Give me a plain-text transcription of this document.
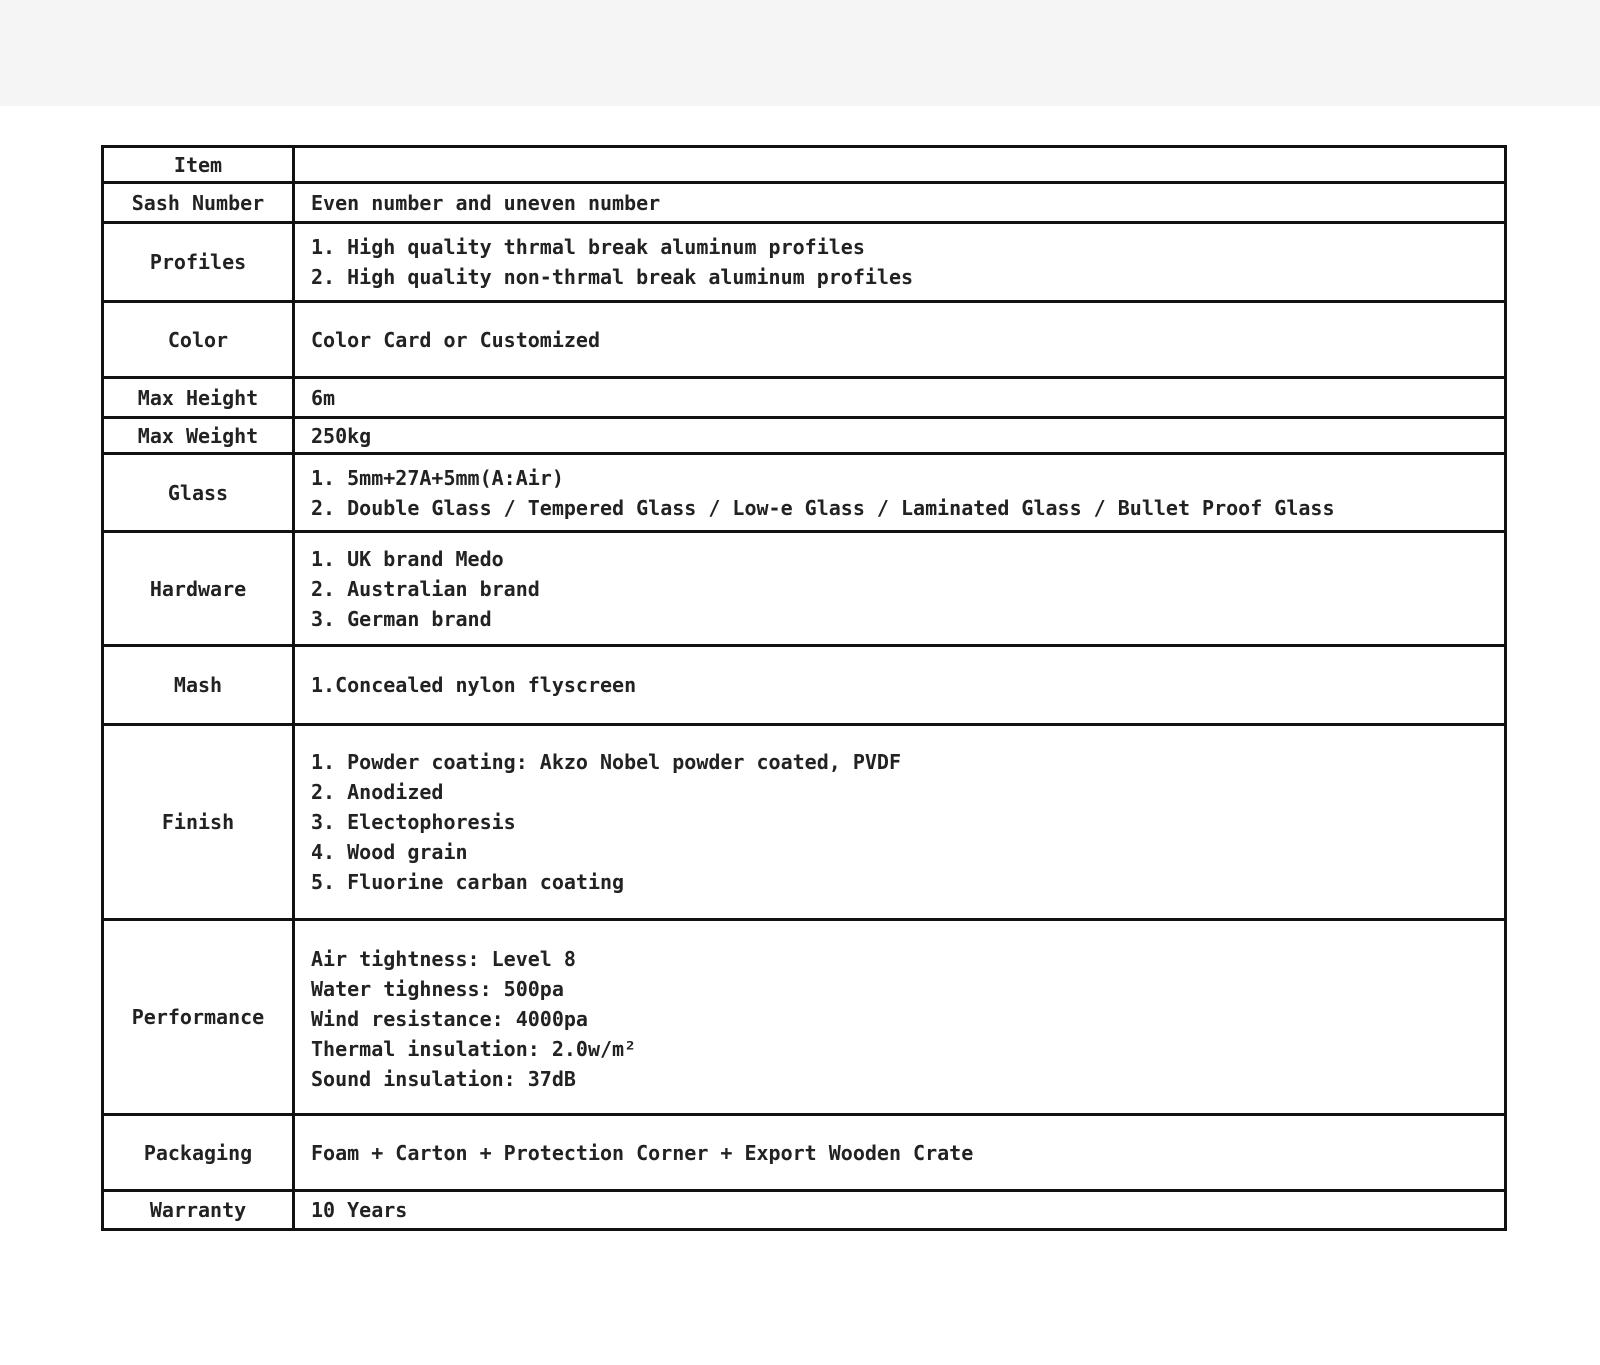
Item	

Sash Number	Even number and uneven number

Profiles	1. High quality thrmal break aluminum profiles
2. High quality non-thrmal break aluminum profiles

Color	Color Card or Customized

Max Height	6m

Max Weight	250kg

Glass	1. 5mm+27A+5mm(A:Air)
2. Double Glass / Tempered Glass / Low-e Glass / Laminated Glass / Bullet Proof Glass

Hardware	1. UK brand Medo
2. Australian brand
3. German brand

Mash	1.Concealed nylon flyscreen

Finish	1. Powder coating: Akzo Nobel powder coated, PVDF
2. Anodized
3. Electophoresis
4. Wood grain
5. Fluorine carban coating

Performance	Air tightness: Level 8
Water tighness: 500pa
Wind resistance: 4000pa
Thermal insulation: 2.0w/m²
Sound insulation: 37dB

Packaging	Foam + Carton + Protection Corner + Export Wooden Crate

Warranty	10 Years
